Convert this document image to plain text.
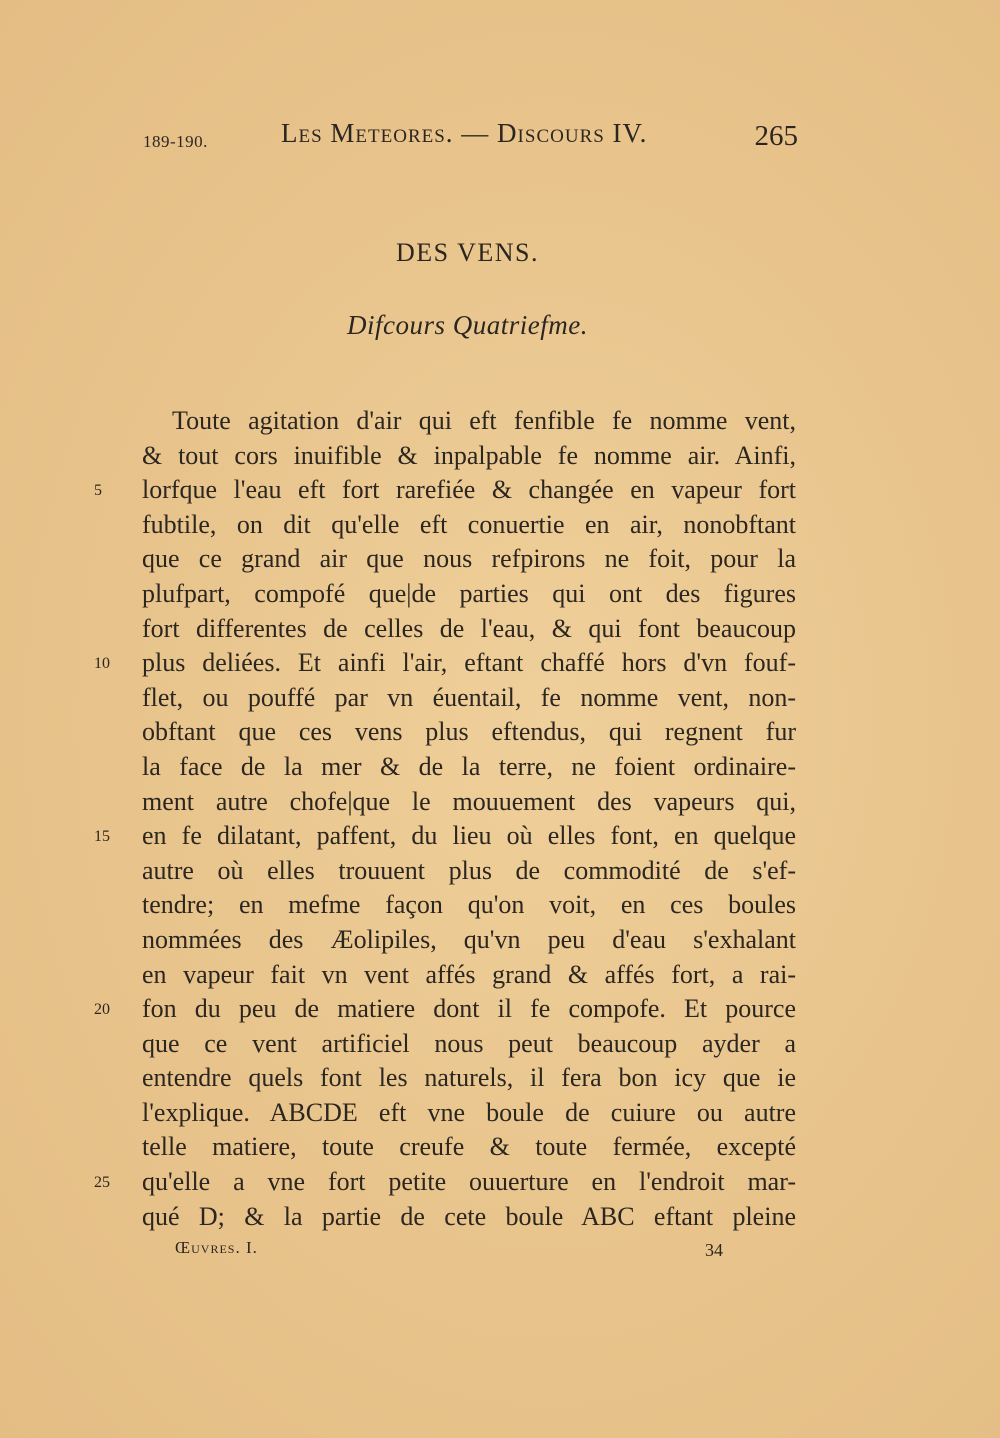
189-190.	Les Meteores. — Discours IV.	265
DES VENS.
Difcours Quatriefme.
Toute agitation d'air qui eft fenfible fe nomme vent,
& tout cors inuifible & inpalpable fe nomme air. Ainfi,
5	lorfque l'eau eft fort rarefiée & changée en vapeur fort
fubtile, on dit qu'elle eft conuertie en air, nonobftant
que ce grand air que nous refpirons ne foit, pour la
plufpart, compofé que|de parties qui ont des figures
fort differentes de celles de l'eau, & qui font beaucoup
10	plus deliées. Et ainfi l'air, eftant chaffé hors d'vn fouf-
flet, ou pouffé par vn éuentail, fe nomme vent, non-
obftant que ces vens plus eftendus, qui regnent fur
la face de la mer & de la terre, ne foient ordinaire-
ment autre chofe|que le mouuement des vapeurs qui,
15	en fe dilatant, paffent, du lieu où elles font, en quelque
autre où elles trouuent plus de commodité de s'ef-
tendre; en mefme façon qu'on voit, en ces boules
nommées des Æolipiles, qu'vn peu d'eau s'exhalant
en vapeur fait vn vent affés grand & affés fort, a rai-
20	fon du peu de matiere dont il fe compofe. Et pource
que ce vent artificiel nous peut beaucoup ayder a
entendre quels font les naturels, il fera bon icy que ie
l'explique. ABCDE eft vne boule de cuiure ou autre
telle matiere, toute creufe & toute fermée, excepté
25	qu'elle a vne fort petite ouuerture en l'endroit mar-
qué D; & la partie de cete boule ABC eftant pleine
Œuvres. I.	34
